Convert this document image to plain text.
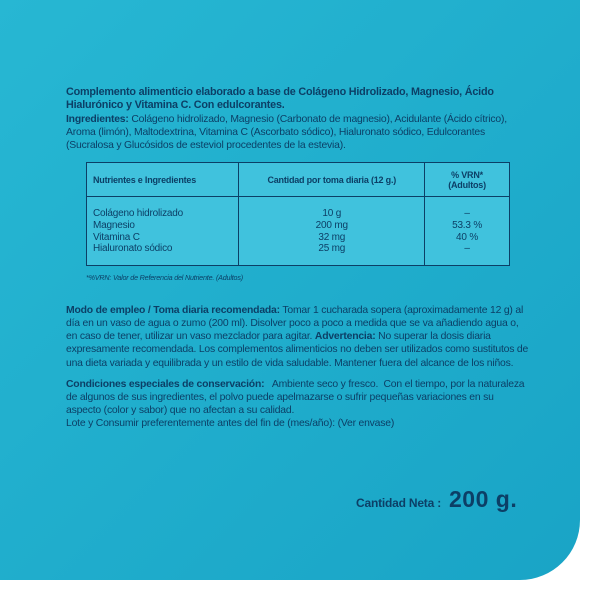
Complemento alimenticio elaborado a base de Colágeno Hidrolizado, Magnesio, Ácido Hialurónico y Vitamina C. Con edulcorantes.

Ingredientes: Colágeno hidrolizado, Magnesio (Carbonato de magnesio), Acidulante (Ácido cítrico), Aroma (limón), Maltodextrina, Vitamina C (Ascorbato sódico), Hialuronato sódico, Edulcorantes (Sucralosa y Glucósidos de esteviol procedentes de la estevia).

Nutrientes e Ingredientes	Cantidad por toma diaria (12 g.)	% VRN*
(Adultos)
Colágeno hidrolizado	10 g	–
Magnesio	200 mg	53.3 %
Vitamina C	32 mg	40 %
Hialuronato sódico	25 mg	–

*%VRN: Valor de Referencia del Nutriente. (Adultos)

Modo de empleo / Toma diaria recomendada: Tomar 1 cucharada sopera (aproximadamente 12 g) al día en un vaso de agua o zumo (200 ml). Disolver poco a poco a medida que se va añadiendo agua o, en caso de tener, utilizar un vaso mezclador para agitar. Advertencia: No superar la dosis diaria expresamente recomendada. Los complementos alimenticios no deben ser utilizados como sustitutos de una dieta variada y equilibrada y un estilo de vida saludable. Mantener fuera del alcance de los niños.

Condiciones especiales de conservación:   Ambiente seco y fresco.  Con el tiempo, por la naturaleza de algunos de sus ingredientes, el polvo puede apelmazarse o sufrir pequeñas variaciones en su aspecto (color y sabor) que no afectan a su calidad.

Lote y Consumir preferentemente antes del fin de (mes/año): (Ver envase)

Cantidad Neta : 200 g.
